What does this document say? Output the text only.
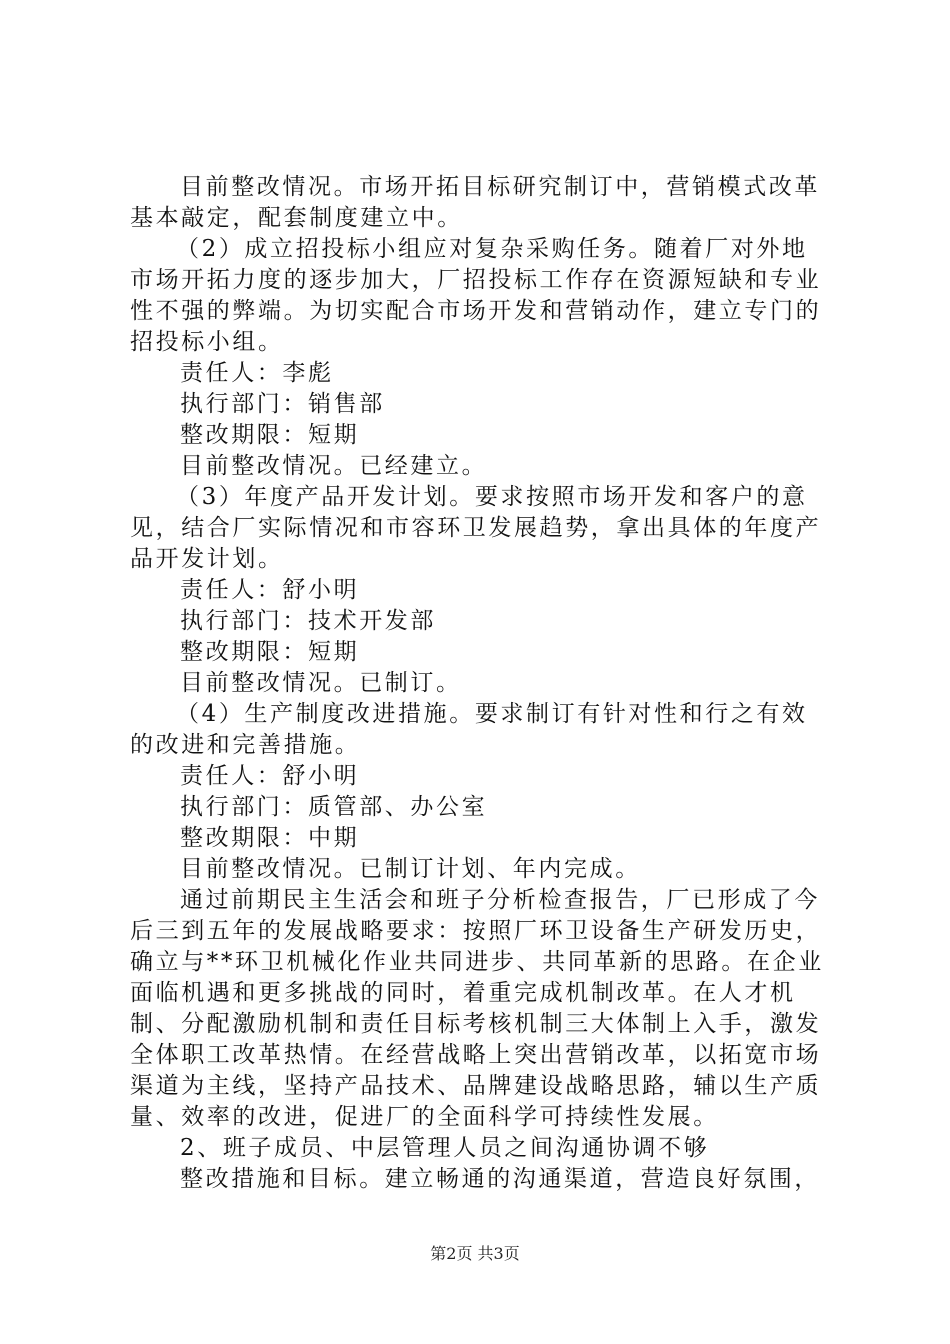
目前整改情况。市场开拓目标研究制订中，营销模式改革基本敲定，配套制度建立中。

（2）成立招投标小组应对复杂采购任务。随着厂对外地市场开拓力度的逐步加大，厂招投标工作存在资源短缺和专业性不强的弊端。为切实配合市场开发和营销动作，建立专门的招投标小组。

责任人：李彪

执行部门：销售部

整改期限：短期

目前整改情况。已经建立。

（3）年度产品开发计划。要求按照市场开发和客户的意见，结合厂实际情况和市容环卫发展趋势，拿出具体的年度产品开发计划。

责任人：舒小明

执行部门：技术开发部

整改期限：短期

目前整改情况。已制订。

（4）生产制度改进措施。要求制订有针对性和行之有效的改进和完善措施。

责任人：舒小明

执行部门：质管部、办公室

整改期限：中期

目前整改情况。已制订计划、年内完成。

通过前期民主生活会和班子分析检查报告，厂已形成了今后三到五年的发展战略要求：按照厂环卫设备生产研发历史，确立与**环卫机械化作业共同进步、共同革新的思路。在企业面临机遇和更多挑战的同时，着重完成机制改革。在人才机制、分配激励机制和责任目标考核机制三大体制上入手，激发全体职工改革热情。在经营战略上突出营销改革，以拓宽市场渠道为主线，坚持产品技术、品牌建设战略思路，辅以生产质量、效率的改进，促进厂的全面科学可持续性发展。

2、班子成员、中层管理人员之间沟通协调不够

整改措施和目标。建立畅通的沟通渠道，营造良好氛围，

第2页 共3页
